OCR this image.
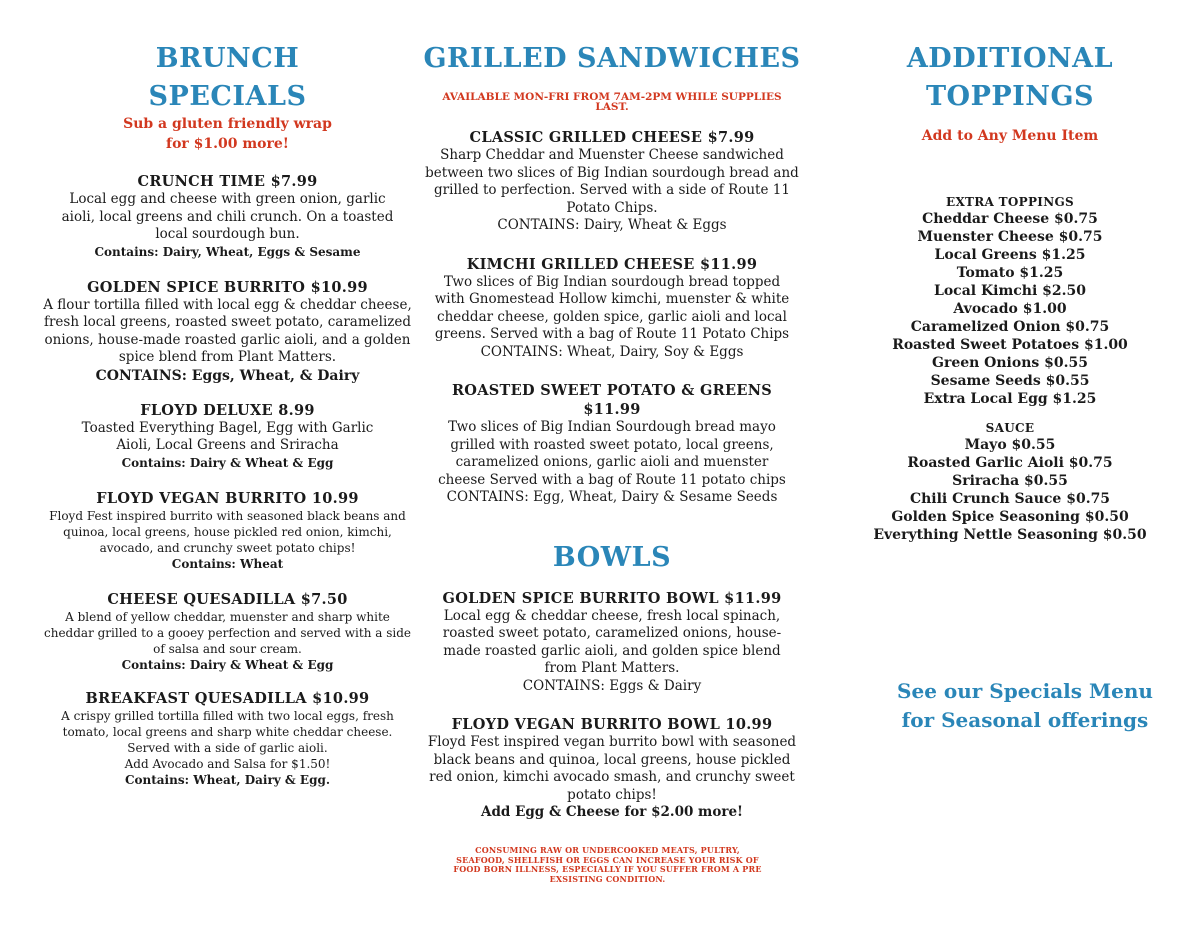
BRUNCH
SPECIALS
Sub a gluten friendly wrap
for $1.00 more!
CRUNCH TIME $7.99
Local egg and cheese with green onion, garlic aioli, local greens and chili crunch. On a toasted local sourdough bun.
Contains: Dairy, Wheat, Eggs & Sesame
GOLDEN SPICE BURRITO $10.99
A flour tortilla filled with local egg & cheddar cheese, fresh local greens, roasted sweet potato, caramelized onions, house-made roasted garlic aioli, and a golden spice blend from Plant Matters.
CONTAINS: Eggs, Wheat, & Dairy
FLOYD DELUXE 8.99
Toasted Everything Bagel, Egg with Garlic Aioli, Local Greens and Sriracha
Contains: Dairy & Wheat & Egg
FLOYD VEGAN BURRITO 10.99
Floyd Fest inspired burrito with seasoned black beans and quinoa, local greens, house pickled red onion, kimchi, avocado, and crunchy sweet potato chips!
Contains: Wheat
CHEESE QUESADILLA $7.50
A blend of yellow cheddar, muenster and sharp white cheddar grilled to a gooey perfection and served with a side of salsa and sour cream.
Contains: Dairy & Wheat & Egg
BREAKFAST QUESADILLA $10.99
A crispy grilled tortilla filled with two local eggs, fresh tomato, local greens and sharp white cheddar cheese. Served with a side of garlic aioli.
Add Avocado and Salsa for $1.50!
Contains: Wheat, Dairy & Egg.
GRILLED SANDWICHES
AVAILABLE MON-FRI FROM 7AM-2PM WHILE SUPPLIES
LAST.
CLASSIC GRILLED CHEESE $7.99
Sharp Cheddar and Muenster Cheese sandwiched between two slices of Big Indian sourdough bread and grilled to perfection. Served with a side of Route 11 Potato Chips.
CONTAINS: Dairy, Wheat & Eggs
KIMCHI GRILLED CHEESE $11.99
Two slices of Big Indian sourdough bread topped with Gnomestead Hollow kimchi, muenster & white cheddar cheese, golden spice, garlic aioli and local greens. Served with a bag of Route 11 Potato Chips
CONTAINS: Wheat, Dairy, Soy & Eggs
ROASTED SWEET POTATO & GREENS $11.99
Two slices of Big Indian Sourdough bread mayo grilled with roasted sweet potato, local greens, caramelized onions, garlic aioli and muenster cheese Served with a bag of Route 11 potato chips
CONTAINS: Egg, Wheat, Dairy & Sesame Seeds
BOWLS
GOLDEN SPICE BURRITO BOWL $11.99
Local egg & cheddar cheese, fresh local spinach, roasted sweet potato, caramelized onions, house-made roasted garlic aioli, and golden spice blend from Plant Matters.
CONTAINS: Eggs & Dairy
FLOYD VEGAN BURRITO BOWL 10.99
Floyd Fest inspired vegan burrito bowl with seasoned black beans and quinoa, local greens, house pickled red onion, kimchi avocado smash, and crunchy sweet potato chips!
Add Egg & Cheese for $2.00 more!
CONSUMING RAW OR UNDERCOOKED MEATS, PULTRY, SEAFOOD, SHELLFISH OR EGGS CAN INCREASE YOUR RISK OF FOOD BORN ILLNESS, ESPECIALLY IF YOU SUFFER FROM A PRE EXSISTING CONDITION.
ADDITIONAL
TOPPINGS
Add to Any Menu Item
EXTRA TOPPINGS
Cheddar Cheese $0.75
Muenster Cheese $0.75
Local Greens $1.25
Tomato $1.25
Local Kimchi $2.50
Avocado $1.00
Caramelized Onion $0.75
Roasted Sweet Potatoes $1.00
Green Onions $0.55
Sesame Seeds $0.55
Extra Local Egg $1.25
SAUCE
Mayo $0.55
Roasted Garlic Aioli $0.75
Sriracha $0.55
Chili Crunch Sauce $0.75
Golden Spice Seasoning $0.50
Everything Nettle Seasoning $0.50
See our Specials Menu
for Seasonal offerings
